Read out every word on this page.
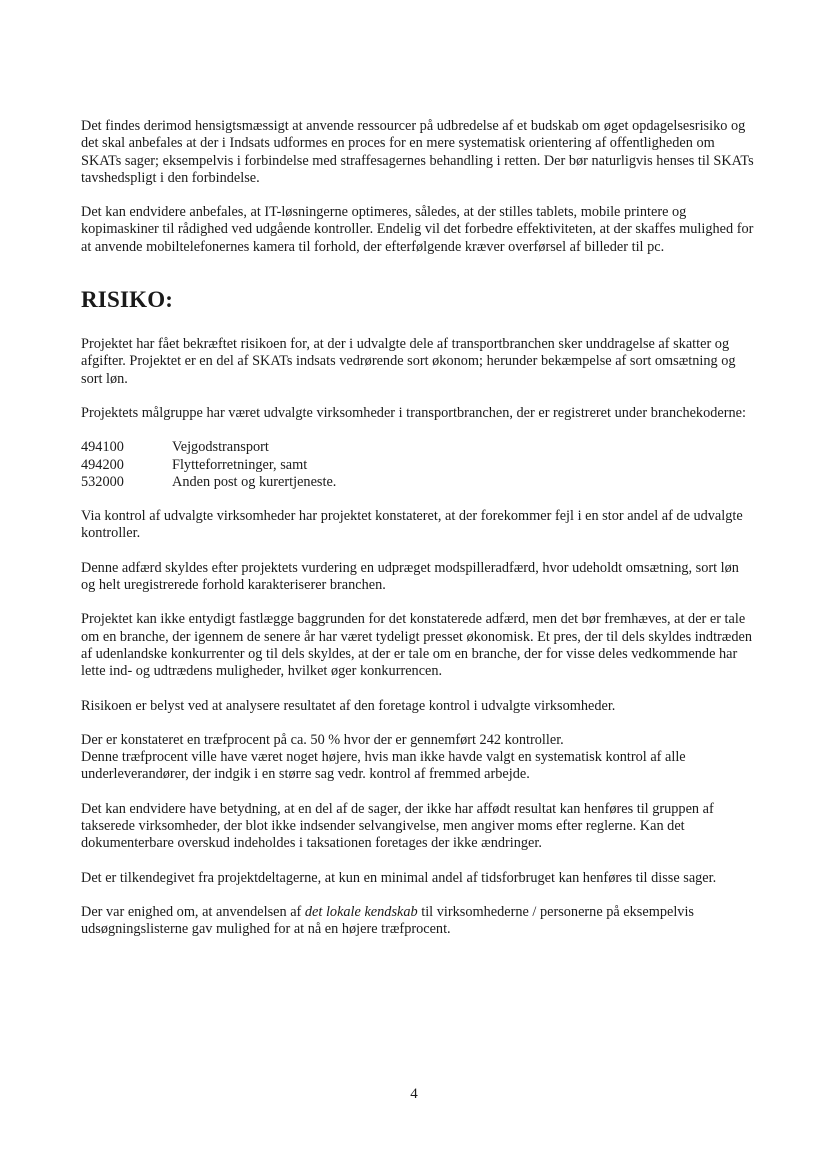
Det findes derimod hensigtsmæssigt at anvende ressourcer på udbredelse af et budskab om øget opdagelsesrisiko og det skal anbefales at der i Indsats udformes en proces for en mere systematisk orientering af offentligheden om SKATs sager; eksempelvis i forbindelse med straffesagernes behandling i retten. Der bør naturligvis henses til SKATs tavshedspligt i den forbindelse.

Det kan endvidere anbefales, at IT-løsningerne optimeres, således, at der stilles tablets, mobile printere og kopimaskiner til rådighed ved udgående kontroller. Endelig vil det forbedre effektiviteten, at der skaffes mulighed for at anvende mobiltelefonernes kamera til forhold, der efterfølgende kræver overførsel af billeder til pc.

RISIKO:

Projektet har fået bekræftet risikoen for, at der i udvalgte dele af transportbranchen sker unddragelse af skatter og afgifter. Projektet er en del af SKATs indsats vedrørende sort økonom; herunder bekæmpelse af sort omsætning og sort løn.

Projektets målgruppe har været udvalgte virksomheder i transportbranchen, der er registreret under branchekoderne:

494100	Vejgodstransport
494200	Flytteforretninger, samt
532000	Anden post og kurertjeneste.

Via kontrol af udvalgte virksomheder har projektet konstateret, at der forekommer fejl i en stor andel af de udvalgte kontroller.

Denne adfærd skyldes efter projektets vurdering en udpræget modspilleradfærd, hvor udeholdt omsætning, sort løn og helt uregistrerede forhold karakteriserer branchen.

Projektet kan ikke entydigt fastlægge baggrunden for det konstaterede adfærd, men det bør fremhæves, at der er tale om en branche, der igennem de senere år har været tydeligt presset økonomisk. Et pres, der til dels skyldes indtræden af udenlandske konkurrenter og til dels skyldes, at der er tale om en branche, der for visse deles vedkommende har lette ind- og udtrædens muligheder, hvilket øger konkurrencen.

Risikoen er belyst ved at analysere resultatet af den foretage kontrol i udvalgte virksomheder.

Der er konstateret en træfprocent på ca. 50 % hvor der er gennemført 242 kontroller.
Denne træfprocent ville have været noget højere, hvis man ikke havde valgt en systematisk kontrol af alle underleverandører, der indgik i en større sag vedr. kontrol af fremmed arbejde.

Det kan endvidere have betydning, at en del af de sager, der ikke har affødt resultat kan henføres til gruppen af takserede virksomheder, der blot ikke indsender selvangivelse, men angiver moms efter reglerne. Kan det dokumenterbare overskud indeholdes i taksationen foretages der ikke ændringer.

Det er tilkendegivet fra projektdeltagerne, at kun en minimal andel af tidsforbruget kan henføres til disse sager.

Der var enighed om, at anvendelsen af det lokale kendskab til virksomhederne / personerne på eksempelvis udsøgningslisterne gav mulighed for at nå en højere træfprocent.

4
